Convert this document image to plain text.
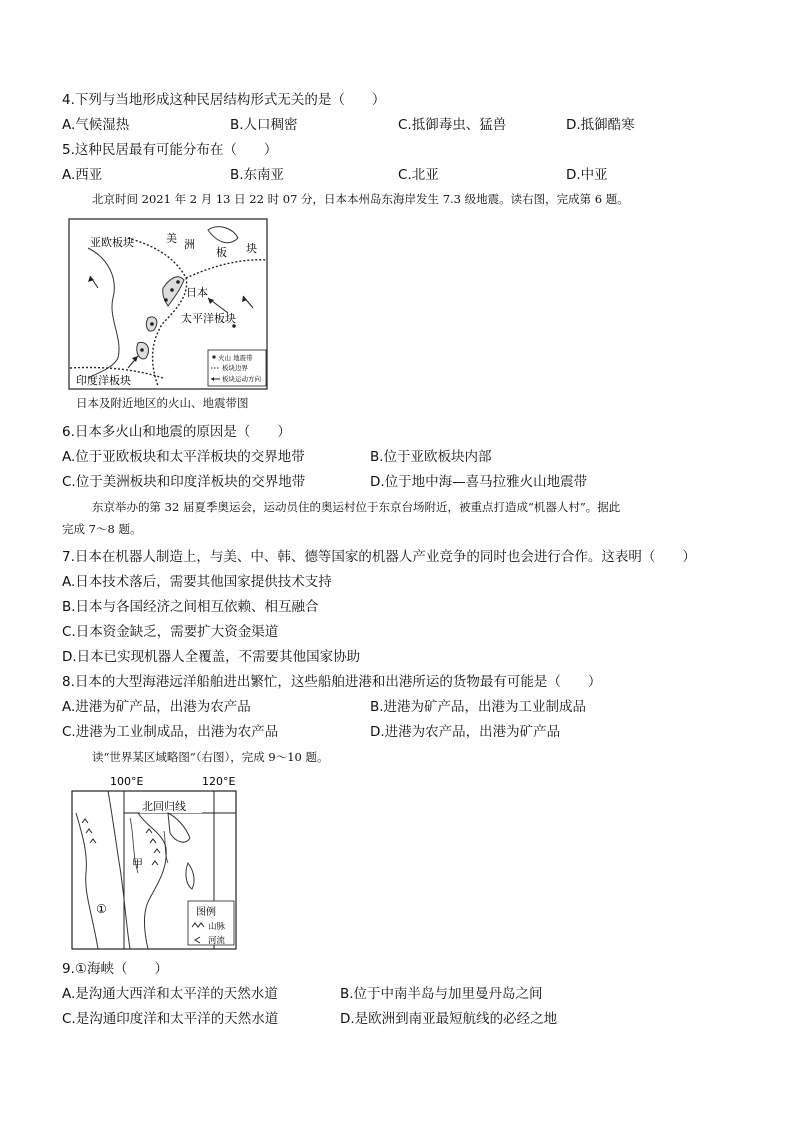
4.下列与当地形成这种民居结构形式无关的是（　　）
A.气候湿热	B.人口稠密	C.抵御毒虫、猛兽	D.抵御酷寒
5.这种民居最有可能分布在（　　）
A.西亚	B.东南亚	C.北亚	D.中亚
北京时间 2021 年 2 月 13 日 22 时 07 分，日本本州岛东海岸发生 7.3 级地震。读右图，完成第 6 题。
亚欧板块	美 洲
板 块
日本
太平洋板块
印度洋板块
火山 地震带
板块边界
板块运动方向
日本及附近地区的火山、地震带图
6.日本多火山和地震的原因是（　　）
A.位于亚欧板块和太平洋板块的交界地带	B.位于亚欧板块内部
C.位于美洲板块和印度洋板块的交界地带	D.位于地中海—喜马拉雅火山地震带
东京举办的第 32 届夏季奥运会，运动员住的奥运村位于东京台场附近，被重点打造成“机器人村”。据此
完成 7～8 题。
7.日本在机器人制造上，与美、中、韩、德等国家的机器人产业竞争的同时也会进行合作。这表明（　　）
A.日本技术落后，需要其他国家提供技术支持
B.日本与各国经济之间相互依赖、相互融合
C.日本资金缺乏，需要扩大资金渠道
D.日本已实现机器人全覆盖，不需要其他国家协助
8.日本的大型海港远洋船舶进出繁忙，这些船舶进港和出港所运的货物最有可能是（　　）
A.进港为矿产品，出港为农产品	B.进港为矿产品，出港为工业制成品
C.进港为工业制成品，出港为农产品	D.进港为农产品，出港为矿产品
读“世界某区域略图”（右图），完成 9～10 题。
100°E	120°E
北回归线
甲
①	图例
山脉
河流
9.①海峡（　　）
A.是沟通大西洋和太平洋的天然水道	B.位于中南半岛与加里曼丹岛之间
C.是沟通印度洋和太平洋的天然水道	D.是欧洲到南亚最短航线的必经之地
